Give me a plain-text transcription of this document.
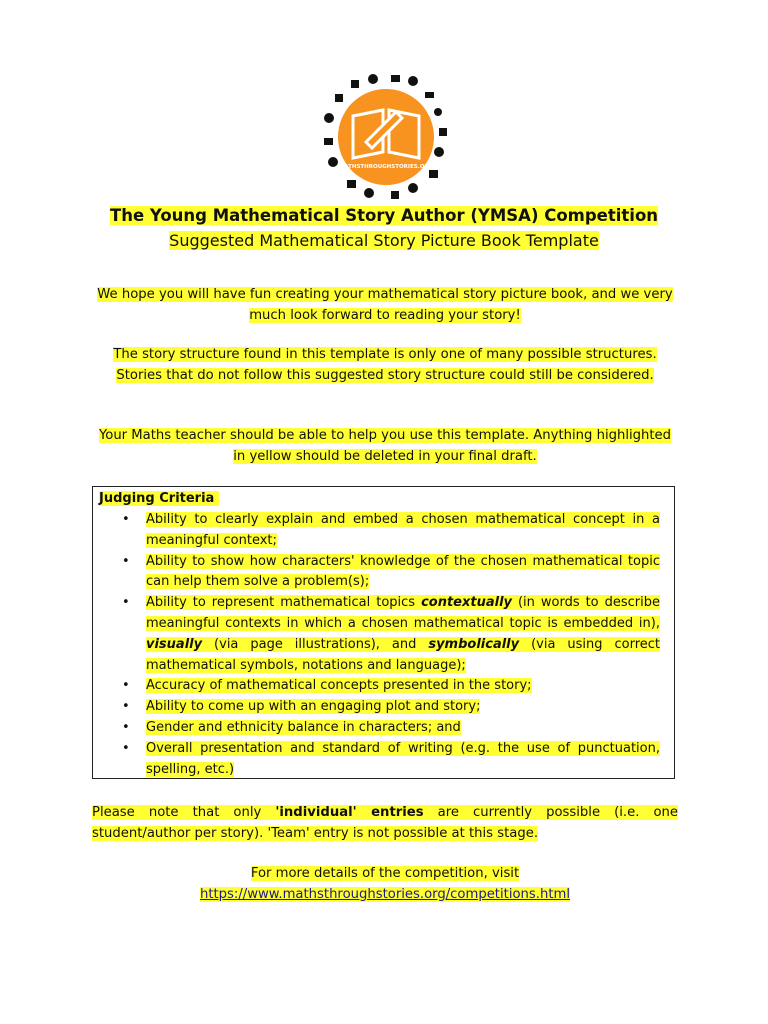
MATHSTHROUGHSTORIES.ORG
The Young Mathematical Story Author (YMSA) Competition
Suggested Mathematical Story Picture Book Template
We hope you will have fun creating your mathematical story picture book, and we very much look forward to reading your story!
The story structure found in this template is only one of many possible structures. Stories that do not follow this suggested story structure could still be considered.
Your Maths teacher should be able to help you use this template. Anything highlighted in yellow should be deleted in your final draft.
Judging Criteria
• Ability to clearly explain and embed a chosen mathematical concept in a meaningful context;
• Ability to show how characters' knowledge of the chosen mathematical topic can help them solve a problem(s);
• Ability to represent mathematical topics contextually (in words to describe meaningful contexts in which a chosen mathematical topic is embedded in), visually (via page illustrations), and symbolically (via using correct mathematical symbols, notations and language);
• Accuracy of mathematical concepts presented in the story;
• Ability to come up with an engaging plot and story;
• Gender and ethnicity balance in characters; and
• Overall presentation and standard of writing (e.g. the use of punctuation, spelling, etc.)
Please note that only 'individual' entries are currently possible (i.e. one student/author per story). 'Team' entry is not possible at this stage.
For more details of the competition, visit
https://www.mathsthroughstories.org/competitions.html
